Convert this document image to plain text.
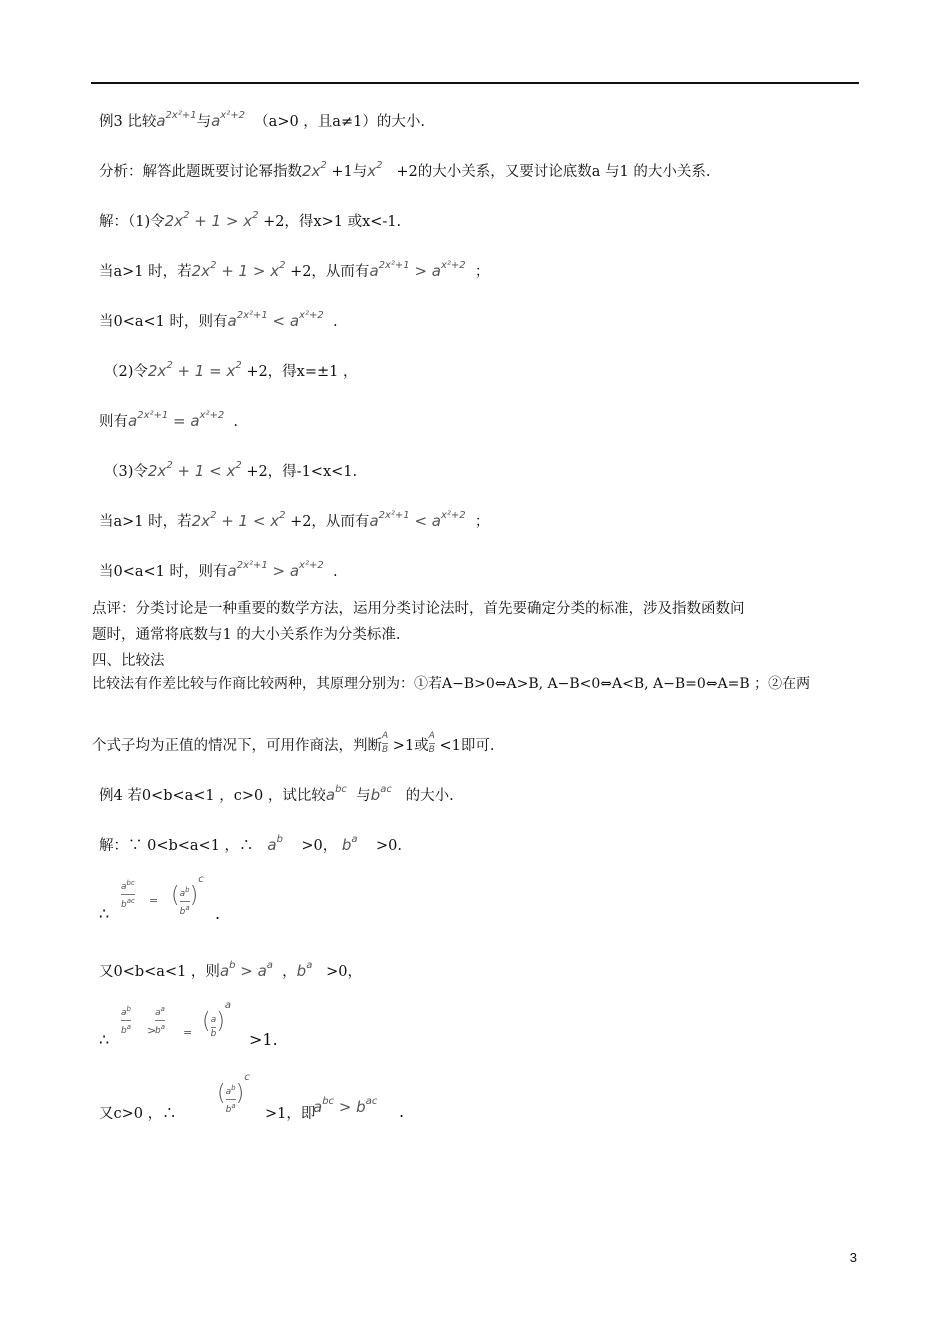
例3 比较$a^{2x^2+1}$与$a^{x^2+2}$ （a>0 ，且a≠1）的大小.
分析：解答此题既要讨论幂指数$2x^2 +1$与$x^2 +2$的大小关系，又要讨论底数a 与1 的大小关系.
解：（1)令$2x^2 + 1 > x^2 +2$，得x>1 或x<-1.
当a>1 时，若$2x^2 + 1 > x^2 +2$，从而有$a^{2x^2+1} > a^{x^2+2}$ ；
当0<a<1 时，则有$a^{2x^2+1} < a^{x^2+2}$ .
（2)令$2x^2 + 1 = x^2 +2$，得x=±1 ，
则有$a^{2x^2+1} = a^{x^2+2}$ .
（3)令$2x^2 + 1 < x^2 +2$，得-1<x<1.
当a>1 时，若$2x^2 + 1 < x^2 +2$，从而有$a^{2x^2+1} < a^{x^2+2}$ ；
当0<a<1 时，则有$a^{2x^2+1} > a^{x^2+2}$ .
点评：分类讨论是一种重要的数学方法，运用分类讨论法时，首先要确定分类的标准，涉及指数函数问
题时，通常将底数与1 的大小关系作为分类标准.
四、比较法
比较法有作差比较与作商比较两种，其原理分别为：①若A−B>0⇔A>B, A−B<0⇔A<B, A−B=0⇔A=B ；②在两
个式子均为正值的情况下，可用作商法，判断 $\frac{A}{B} >1$或 $\frac{A}{B} <1$即可.
例4 若0<b<a<1 ，c>0 ，试比较$a^{bc}$ 与$b^{ac}$ 的大小.
解：∵ 0<b<a<1 ，∴ $a^b >0$， $b^a >0$.
∴
$a^{bc}$
$b^{ac}$ = ( $\frac{a^b}{b^a} )^c$
.
又0<b<a<1 ，则$a^b > a^a$ ，$b^a >0$，
∴
$a^b$
$b^a$ >
$a^a$
$b^a$ = ( $\frac{a}{b} )^a$
>1.
又c>0 ，∴
( $\frac{a^b}{b^a} )^c$
>1，即
$a^{bc} > b^{ac}$
.
3
